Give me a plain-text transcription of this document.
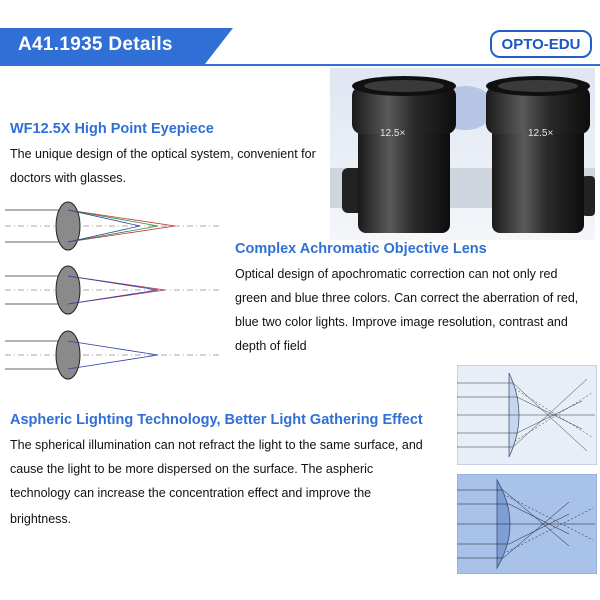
A41.1935 Details	OPTO-EDU
12.5×	12.5×
WF12.5X High Point Eyepiece
The unique design of the optical system, convenient for
doctors with glasses.
Complex Achromatic Objective Lens
Optical design of apochromatic correction can not only red
green and blue three colors. Can correct the aberration of red,
blue two color lights. Improve image resolution, contrast and
depth of field
Aspheric Lighting Technology, Better Light Gathering Effect
The spherical illumination can not refract the light to the same surface, and
cause the light to be more dispersed on the surface. The aspheric
technology can increase the concentration effect and improve the
brightness.
